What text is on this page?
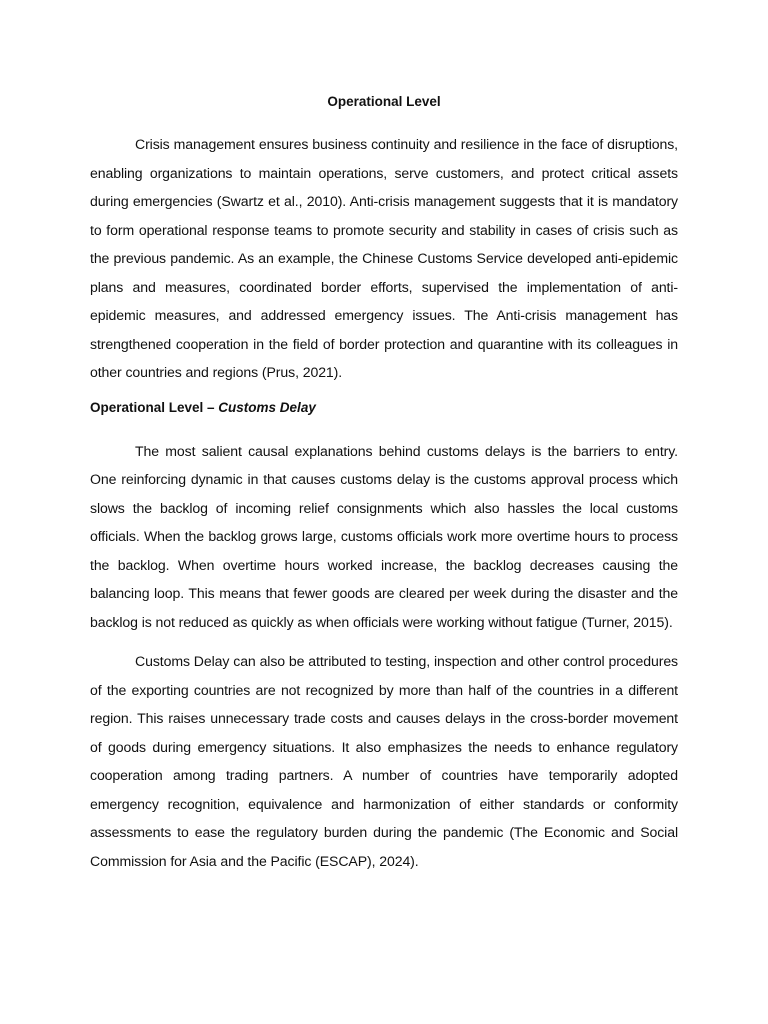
Operational Level

Crisis management ensures business continuity and resilience in the face of disruptions, enabling organizations to maintain operations, serve customers, and protect critical assets during emergencies (Swartz et al., 2010). Anti-crisis management suggests that it is mandatory to form operational response teams to promote security and stability in cases of crisis such as the previous pandemic. As an example, the Chinese Customs Service developed anti-epidemic plans and measures, coordinated border efforts, supervised the implementation of anti-epidemic measures, and addressed emergency issues. The Anti-crisis management has strengthened cooperation in the field of border protection and quarantine with its colleagues in other countries and regions (Prus, 2021).

Operational Level – Customs Delay

The most salient causal explanations behind customs delays is the barriers to entry. One reinforcing dynamic in that causes customs delay is the customs approval process which slows the backlog of incoming relief consignments which also hassles the local customs officials. When the backlog grows large, customs officials work more overtime hours to process the backlog. When overtime hours worked increase, the backlog decreases causing the balancing loop. This means that fewer goods are cleared per week during the disaster and the backlog is not reduced as quickly as when officials were working without fatigue (Turner, 2015).

Customs Delay can also be attributed to testing, inspection and other control procedures of the exporting countries are not recognized by more than half of the countries in a different region. This raises unnecessary trade costs and causes delays in the cross-border movement of goods during emergency situations. It also emphasizes the needs to enhance regulatory cooperation among trading partners. A number of countries have temporarily adopted emergency recognition, equivalence and harmonization of either standards or conformity assessments to ease the regulatory burden during the pandemic (The Economic and Social Commission for Asia and the Pacific (ESCAP), 2024).
